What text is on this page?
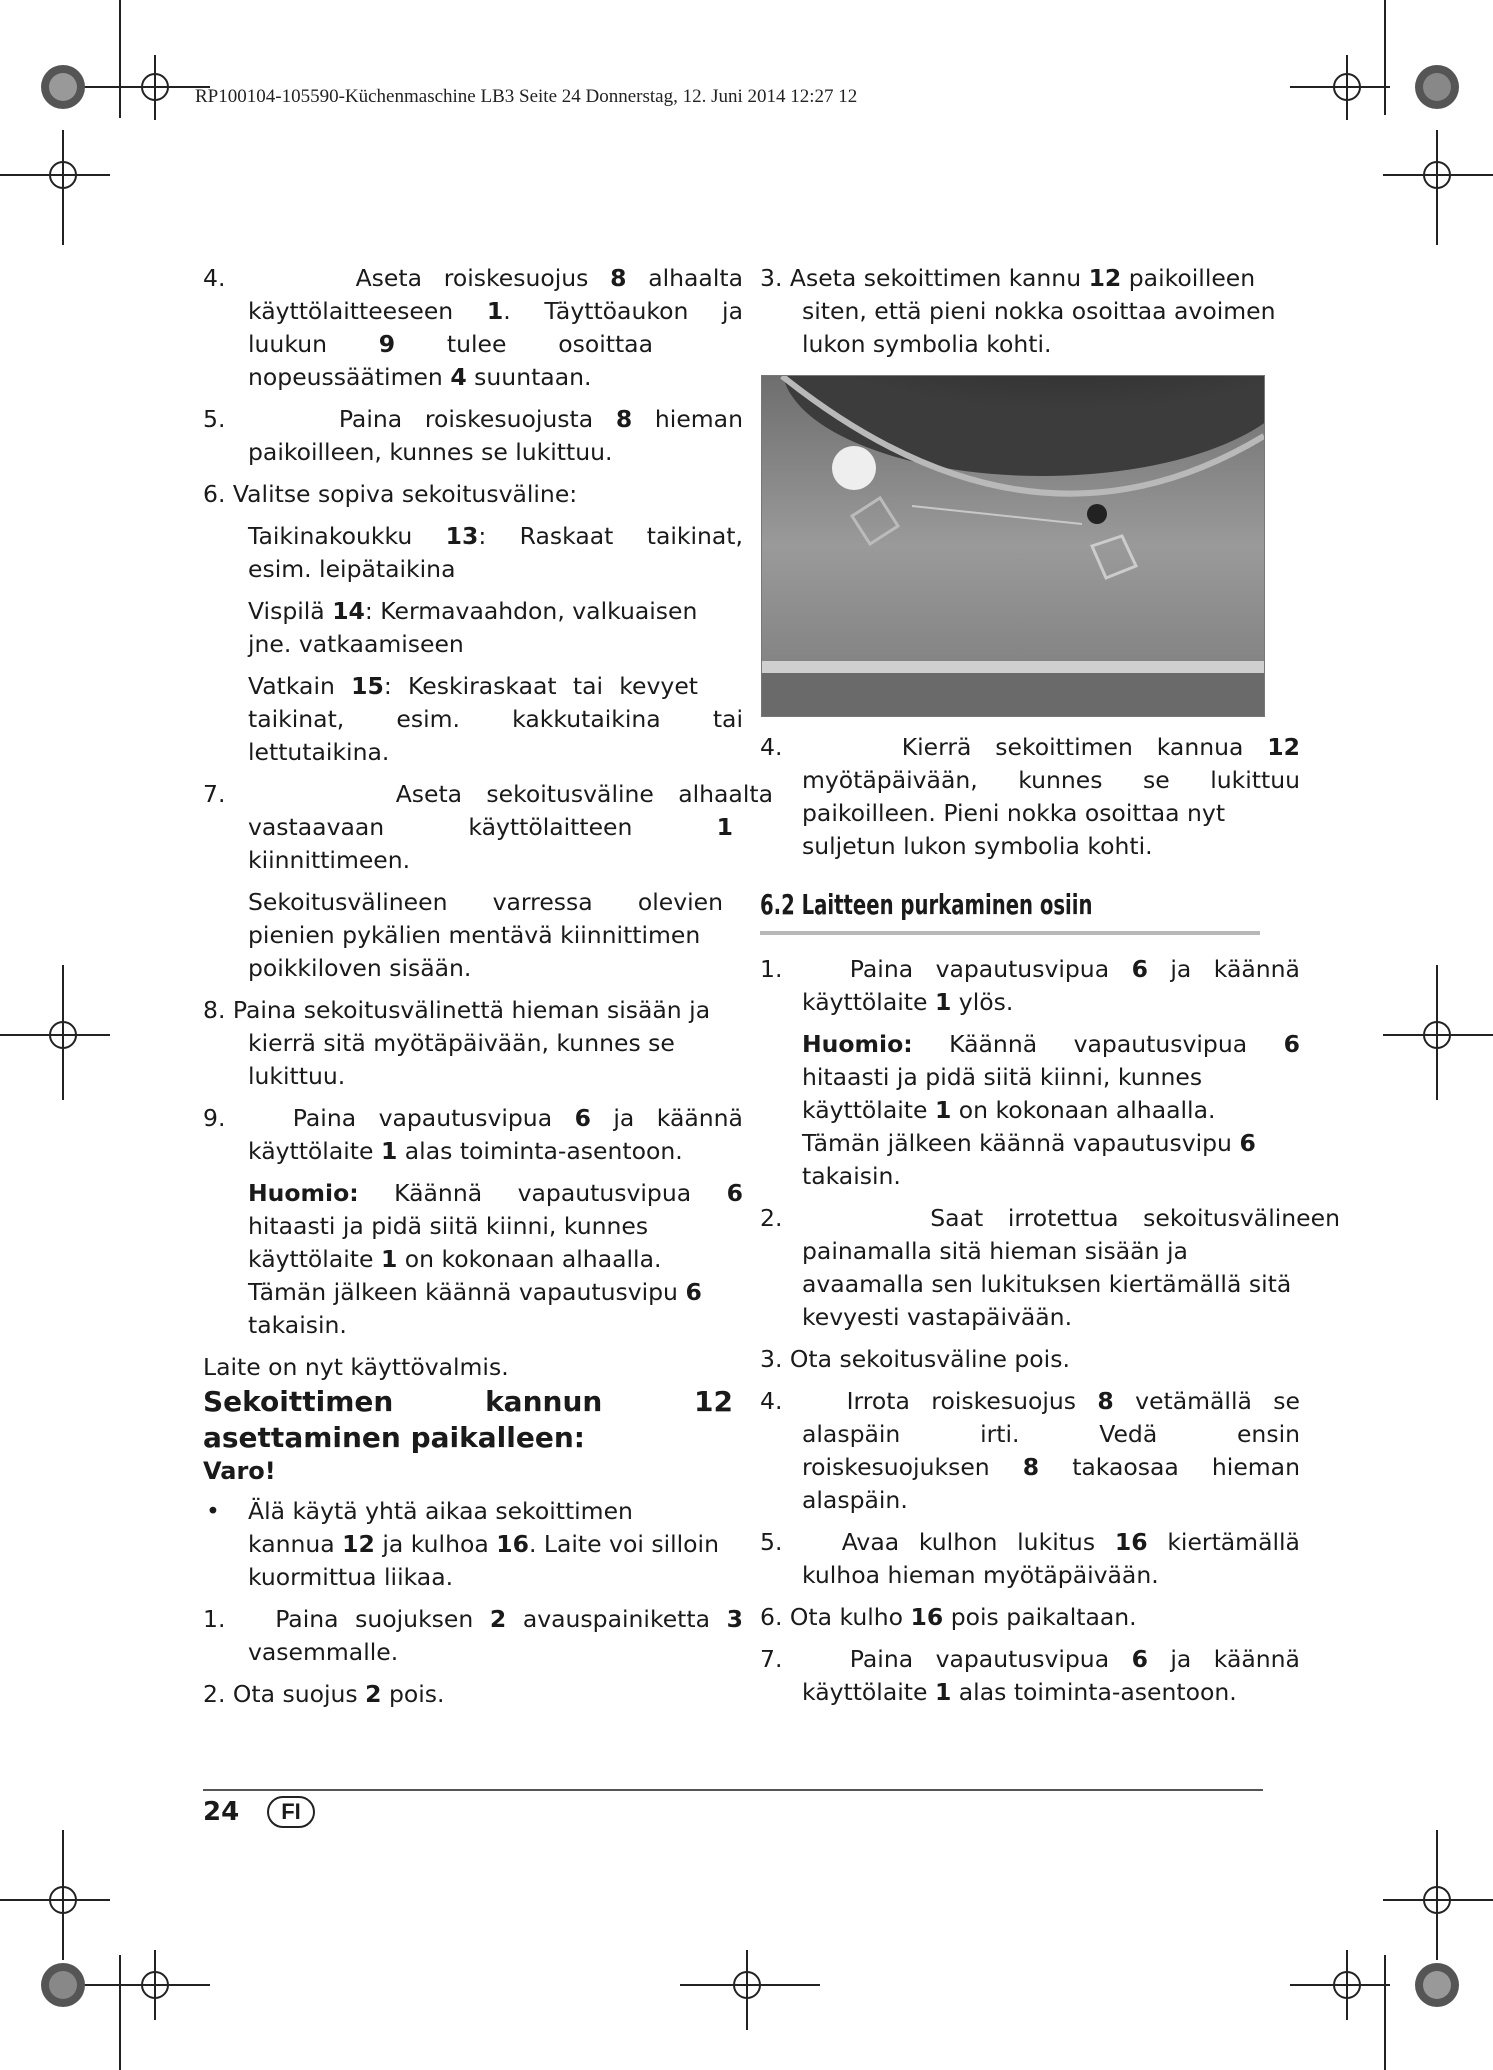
RP100104-105590-Küchenmaschine LB3 Seite 24 Donnerstag, 12. Juni 2014 12:27 12

4.	Aseta roiskesuojus 8 alhaalta

käyttölaitteeseen 1. Täyttöaukon ja

luukun 9 tulee osoittaa

nopeussäätimen 4 suuntaan.

5.	Paina roiskesuojusta 8 hieman

paikoilleen, kunnes se lukittuu.

6. Valitse sopiva sekoitusväline:

Taikinakoukku 13: Raskaat taikinat,

esim. leipätaikina

Vispilä 14: Kermavaahdon, valkuaisen

jne. vatkaamiseen

Vatkain 15: Keskiraskaat tai kevyet

taikinat, esim. kakkutaikina tai

lettutaikina.

7.	Aseta sekoitusväline alhaalta

vastaavaan	käyttölaitteen	1

kiinnittimeen.

Sekoitusvälineen varressa olevien

pienien pykälien mentävä kiinnittimen

poikkiloven sisään.

8. Paina sekoitusvälinettä hieman sisään ja

kierrä sitä myötäpäivään, kunnes se

lukittuu.

9.	Paina vapautusvipua 6 ja käännä

käyttölaite 1 alas toiminta-asentoon.

Huomio: Käännä vapautusvipua 6

hitaasti ja pidä siitä kiinni, kunnes

käyttölaite 1 on kokonaan alhaalla.

Tämän jälkeen käännä vapautusvipu 6

takaisin.

Laite on nyt käyttövalmis.

Sekoittimen	kannun	12

asettaminen paikalleen:

Varo!

• Älä käytä yhtä aikaa sekoittimen

kannua 12 ja kulhoa 16. Laite voi silloin

kuormittua liikaa.

1. Paina suojuksen 2 avauspainiketta 3

vasemmalle.

2. Ota suojus 2 pois.

3. Aseta sekoittimen kannu 12 paikoilleen

siten, että pieni nokka osoittaa avoimen

lukon symbolia kohti.

4.	Kierrä sekoittimen kannua 12

myötäpäivään, kunnes se lukittuu

paikoilleen. Pieni nokka osoittaa nyt

suljetun lukon symbolia kohti.

6.2 Laitteen purkaminen osiin

1.	Paina vapautusvipua 6 ja käännä

käyttölaite 1 ylös.

Huomio: Käännä vapautusvipua 6

hitaasti ja pidä siitä kiinni, kunnes

käyttölaite 1 on kokonaan alhaalla.

Tämän jälkeen käännä vapautusvipu 6

takaisin.

2.	Saat irrotettua sekoitusvälineen

painamalla sitä hieman sisään ja

avaamalla sen lukituksen kiertämällä sitä

kevyesti vastapäivään.

3. Ota sekoitusväline pois.

4.	Irrota roiskesuojus 8 vetämällä se

alaspäin	irti.	Vedä	ensin

roiskesuojuksen 8 takaosaa hieman

alaspäin.

5.	Avaa kulhon lukitus 16 kiertämällä

kulhoa hieman myötäpäivään.

6. Ota kulho 16 pois paikaltaan.

7.	Paina vapautusvipua 6 ja käännä

käyttölaite 1 alas toiminta-asentoon.

24	FI
